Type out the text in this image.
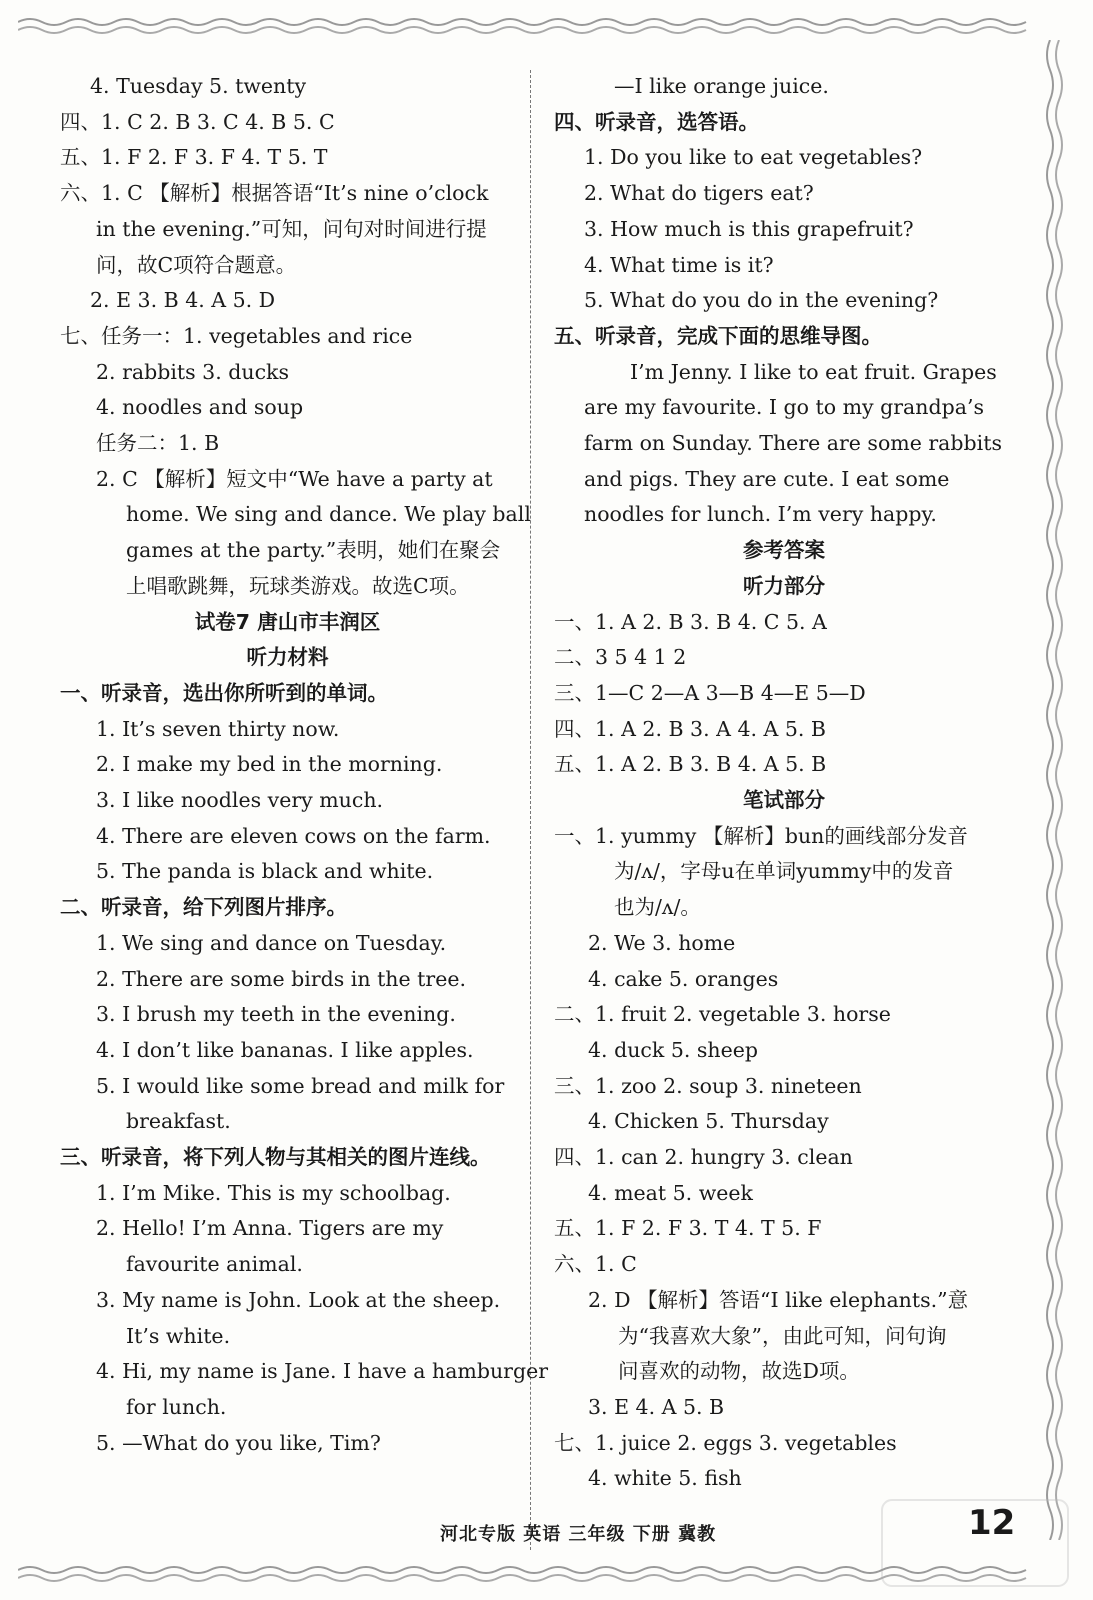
4. Tuesday 5. twenty
四、1. C 2. B 3. C 4. B 5. C
五、1. F 2. F 3. F 4. T 5. T
六、1. C 【解析】根据答语“It’s nine o’clock
in the evening.”可知，问句对时间进行提
问，故C项符合题意。
2. E 3. B 4. A 5. D
七、任务一：1. vegetables and rice
2. rabbits 3. ducks
4. noodles and soup
任务二：1. B
2. C 【解析】短文中“We have a party at
home. We sing and dance. We play ball
games at the party.”表明，她们在聚会
上唱歌跳舞，玩球类游戏。故选C项。
试卷7 唐山市丰润区
听力材料
一、听录音，选出你所听到的单词。
1. It’s seven thirty now.
2. I make my bed in the morning.
3. I like noodles very much.
4. There are eleven cows on the farm.
5. The panda is black and white.
二、听录音，给下列图片排序。
1. We sing and dance on Tuesday.
2. There are some birds in the tree.
3. I brush my teeth in the evening.
4. I don’t like bananas. I like apples.
5. I would like some bread and milk for
breakfast.
三、听录音，将下列人物与其相关的图片连线。
1. I’m Mike. This is my schoolbag.
2. Hello! I’m Anna. Tigers are my
favourite animal.
3. My name is John. Look at the sheep.
It’s white.
4. Hi, my name is Jane. I have a hamburger
for lunch.
5. —What do you like, Tim?
—I like orange juice.
四、听录音，选答语。
1. Do you like to eat vegetables?
2. What do tigers eat?
3. How much is this grapefruit?
4. What time is it?
5. What do you do in the evening?
五、听录音，完成下面的思维导图。
I’m Jenny. I like to eat fruit. Grapes
are my favourite. I go to my grandpa’s
farm on Sunday. There are some rabbits
and pigs. They are cute. I eat some
noodles for lunch. I’m very happy.
参考答案
听力部分
一、1. A 2. B 3. B 4. C 5. A
二、3 5 4 1 2
三、1—C 2—A 3—B 4—E 5—D
四、1. A 2. B 3. A 4. A 5. B
五、1. A 2. B 3. B 4. A 5. B
笔试部分
一、1. yummy 【解析】bun的画线部分发音
为/ʌ/，字母u在单词yummy中的发音
也为/ʌ/。
2. We 3. home
4. cake 5. oranges
二、1. fruit 2. vegetable 3. horse
4. duck 5. sheep
三、1. zoo 2. soup 3. nineteen
4. Chicken 5. Thursday
四、1. can 2. hungry 3. clean
4. meat 5. week
五、1. F 2. F 3. T 4. T 5. F
六、1. C
2. D 【解析】答语“I like elephants.”意
为“我喜欢大象”，由此可知，问句询
问喜欢的动物，故选D项。
3. E 4. A 5. B
七、1. juice 2. eggs 3. vegetables
4. white 5. fish
河北专版 英语 三年级 下册 冀教	12
